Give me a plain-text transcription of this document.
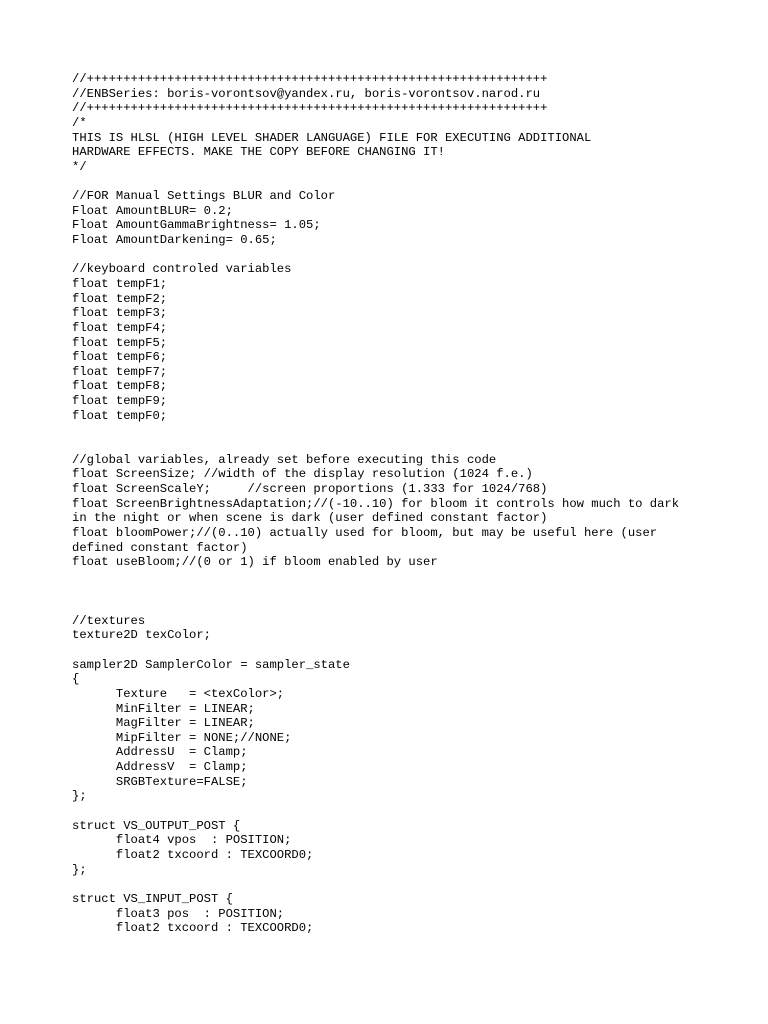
//+++++++++++++++++++++++++++++++++++++++++++++++++++++++++++++++
//ENBSeries: boris-vorontsov@yandex.ru, boris-vorontsov.narod.ru
//+++++++++++++++++++++++++++++++++++++++++++++++++++++++++++++++
/*
THIS IS HLSL (HIGH LEVEL SHADER LANGUAGE) FILE FOR EXECUTING ADDITIONAL
HARDWARE EFFECTS. MAKE THE COPY BEFORE CHANGING IT!
*/
//FOR Manual Settings BLUR and Color
Float AmountBLUR= 0.2;
Float AmountGammaBrightness= 1.05;
Float AmountDarkening= 0.65;
//keyboard controled variables
float tempF1;
float tempF2;
float tempF3;
float tempF4;
float tempF5;
float tempF6;
float tempF7;
float tempF8;
float tempF9;
float tempF0;
//global variables, already set before executing this code
float ScreenSize; //width of the display resolution (1024 f.e.)
float ScreenScaleY;     //screen proportions (1.333 for 1024/768)
float ScreenBrightnessAdaptation;//(-10..10) for bloom it controls how much to dark
in the night or when scene is dark (user defined constant factor)
float bloomPower;//(0..10) actually used for bloom, but may be useful here (user
defined constant factor)
float useBloom;//(0 or 1) if bloom enabled by user
//textures
texture2D texColor;
sampler2D SamplerColor = sampler_state
{
Texture   = <texColor>;
MinFilter = LINEAR;
MagFilter = LINEAR;
MipFilter = NONE;//NONE;
AddressU  = Clamp;
AddressV  = Clamp;
SRGBTexture=FALSE;
};
struct VS_OUTPUT_POST {
float4 vpos  : POSITION;
float2 txcoord : TEXCOORD0;
};
struct VS_INPUT_POST {
float3 pos  : POSITION;
float2 txcoord : TEXCOORD0;
